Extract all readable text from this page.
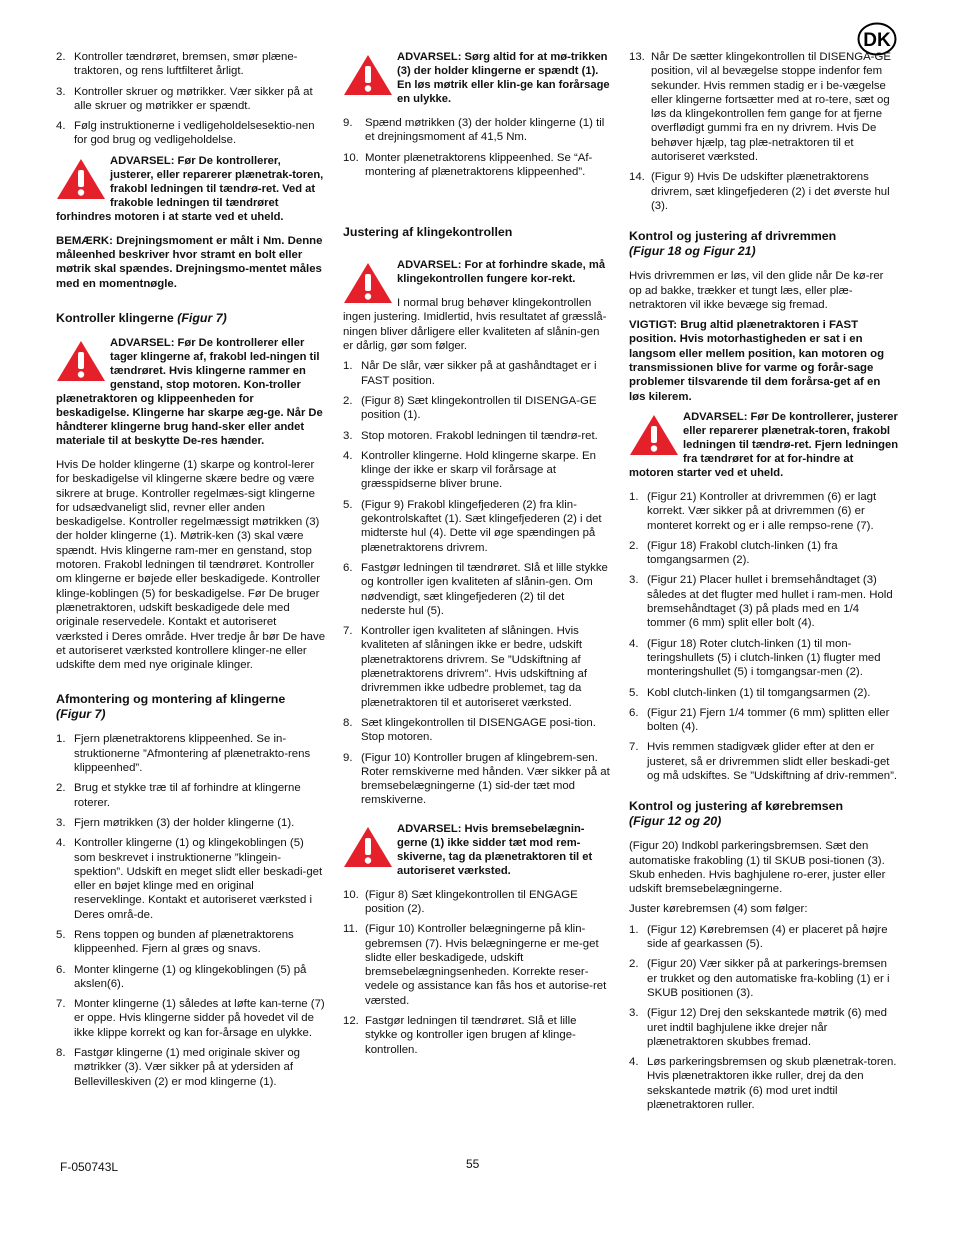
DK
2. Kontroller tændrøret, bremsen, smør plæne-traktoren, og rens luftfilteret årligt.
3. Kontroller skruer og møtrikker. Vær sikker på at alle skruer og møtrikker er spændt.
4. Følg instruktionerne i vedligeholdelsesektio-nen for god brug og vedligeholdelse.
ADVARSEL: Før De kontrollerer, justerer, eller reparerer plænetrak-toren, frakobl ledningen til tændrø-ret. Ved at frakoble ledningen til tændrøret forhindres motoren i at starte ved et uheld.

BEMÆRK: Drejningsmoment er målt i Nm. Denne måleenhed beskriver hvor stramt en bolt eller møtrik skal spændes. Drejningsmo-mentet måles med en momentnøgle.

Kontroller klingerne (Figur 7)
ADVARSEL: Før De kontrollerer eller tager klingerne af, frakobl led-ningen til tændrøret. Hvis klingerne rammer en genstand, stop motoren. Kon-troller plænetraktoren og klippeenheden for beskadigelse. Klingerne har skarpe æg-ge. Når De håndterer klingerne brug hand-sker eller andet materiale til at beskytte De-res hænder.

Hvis De holder klingerne (1) skarpe og kontrol-lerer for beskadigelse vil klingerne skære bedre og være sikrere at bruge. Kontroller regelmæs-sigt klingerne for udsædvaneligt slid, revner eller anden beskadigelse. Kontroller regelmæssigt møtrikken (3) der holder klingerne (1). Møtrik-ken (3) skal være spændt. Hvis klingerne ram-mer en genstand, stop motoren. Frakobl ledningen til tændrøret. Kontroller om klingerne er bøjede eller beskadigede. Kontroller klinge-koblingen (5) for beskadigelse. Før De bruger plænetraktoren, udskift beskadigede dele med originale reservedele. Kontakt et autoriseret værksted i Deres område. Hver tredje år bør De have et autoriseret værksted kontrollere klinger-ne eller udskifte dem med nye originale klinger.

Afmontering og montering af klingerne
(Figur 7)
1. Fjern plænetraktorens klippeenhed. Se in-struktionerne ”Afmontering af plænetrakto-rens klippeenhed”.
2. Brug et stykke træ til af forhindre at klingerne roterer.
3. Fjern møtrikken (3) der holder klingerne (1).
4. Kontroller klingerne (1) og klingekoblingen (5) som beskrevet i instruktionerne ”klingein-spektion”. Udskift en meget slidt eller beskadi-get eller en bøjet klinge med en original reserveklinge. Kontakt et autoriseret værksted i Deres områ-de.
5. Rens toppen og bunden af plænetraktorens klippeenhed. Fjern al græs og snavs.
6. Monter klingerne (1) og klingekoblingen (5) på akslen(6).
7. Monter klingerne (1) således at løfte kan-terne (7) er oppe. Hvis klingerne sidder på hovedet vil de ikke klippe korrekt og kan for-årsage en ulykke.
8. Fastgør klingerne (1) med originale skiver og møtrikker (3). Vær sikker på at ydersiden af Bellevilleskiven (2) er mod klingerne (1).
ADVARSEL: Sørg altid for at mø-trikken (3) der holder klingerne er spændt (1). En løs møtrik eller klin-ge kan forårsage en ulykke.
9. Spænd møtrikken (3) der holder klingerne (1) til et drejningsmoment af 41,5 Nm.
10. Monter plænetraktorens klippeenhed. Se “Af-montering af plænetraktorens klippeenhed”.
Justering af klingekontrollen
ADVARSEL: For at forhindre skade, må klingekontrollen fungere kor-rekt.

I normal brug behøver klingekontrollen ingen justering. Imidlertid, hvis resultatet af græsslå-ningen bliver dårligere eller kvaliteten af slånin-gen er dårlig, gør som følger.

1. Når De slår, vær sikker på at gashåndtaget er i FAST position.
2. (Figur 8) Sæt klingekontrollen til DISENGA-GE position (1).
3. Stop motoren. Frakobl ledningen til tændrø-ret.
4. Kontroller klingerne. Hold klingerne skarpe. En klinge der ikke er skarp vil forårsage at græsspidserne bliver brune.
5. (Figur 9) Frakobl klingefjederen (2) fra klin-gekontrolskaftet (1). Sæt klingefjederen (2) i det midterste hul (4). Dette vil øge spændingen på plænetraktorens drivrem.
6. Fastgør ledningen til tændrøret. Slå et lille stykke og kontroller igen kvaliteten af slånin-gen. Om nødvendigt, sæt klingefjederen (2) til det nederste hul (5).
7. Kontroller igen kvaliteten af slåningen. Hvis kvaliteten af slåningen ikke er bedre, udskift plænetraktorens drivrem. Se ”Udskiftning af plænetraktorens drivrem”. Hvis udskiftning af drivremmen ikke udbedre problemet, tag da plænetraktoren til et autoriseret værksted.
8. Sæt klingekontrollen til DISENGAGE posi-tion. Stop motoren.
9. (Figur 10) Kontroller brugen af klingebrem-sen. Roter remskiverne med hånden. Vær sikker på at bremsebelægningerne (1) sid-der tæt mod remskiverne.
ADVARSEL: Hvis bremsebelægnin-gerne (1) ikke sidder tæt mod rem-skiverne, tag da plænetraktoren til et autoriseret værksted.
10. (Figur 8) Sæt klingekontrollen til ENGAGE position (2).
11. (Figur 10) Kontroller belægningerne på klin-gebremsen (7). Hvis belægningerne er me-get slidte eller beskadigede, udskift bremsebelægningsenheden. Korrekte reser-vedele og assistance kan fås hos et autorise-ret værsted.
12. Fastgør ledningen til tændrøret. Slå et lille stykke og kontroller igen brugen af klinge-kontrollen.
13. Når De sætter klingekontrollen til DISENGA-GE position, vil al bevægelse stoppe indenfor fem sekunder. Hvis remmen stadig er i be-vægelse eller klingerne fortsætter med at ro-tere, sæt og løs da klingekontrollen fem gange for at fjerne overflødigt gummi fra en ny drivrem. Hvis De behøver hjælp, tag plæ-netraktoren til et autoriseret værksted.
14. (Figur 9) Hvis De udskifter plænetraktorens drivrem, sæt klingefjederen (2) i det øverste hul (3).
Kontrol og justering af drivremmen
(Figur 18 og Figur 21)

Hvis drivremmen er løs, vil den glide når De kø-rer op ad bakke, trækker et tungt læs, eller plæ-netraktoren vil ikke bevæge sig fremad.

VIGTIGT: Brug altid plænetraktoren i FAST position. Hvis motorhastigheden er sat i en langsom eller mellem position, kan motoren og transmissionen blive for varme og forår-sage problemer tilsvarende til dem forårsa-get af en løs kilerem.

ADVARSEL: Før De kontrollerer, justerer eller reparerer plænetrak-toren, frakobl ledningen til tændrø-ret. Fjern ledningen fra tændrøret for at for-hindre at motoren starter ved et uheld.
1. (Figur 21) Kontroller at drivremmen (6) er lagt korrekt. Vær sikker på at drivremmen (6) er monteret korrekt og er i alle rempso-rene (7).
2. (Figur 18) Frakobl clutch-linken (1) fra tomgangsarmen (2).
3. (Figur 21) Placer hullet i bremsehåndtaget (3) således at det flugter med hullet i ram-men. Hold bremsehåndtaget (3) på plads med en 1/4 tommer (6 mm) split eller bolt (4).
4. (Figur 18) Roter clutch-linken (1) til mon-teringshullets (5) i clutch-linken (1) flugter med monteringshullet (5) i tomgangsar-men (2).
5. Kobl clutch-linken (1) til tomgangsarmen (2).
6. (Figur 21) Fjern 1/4 tommer (6 mm) splitten eller bolten (4).
7. Hvis remmen stadigvæk glider efter at den er justeret, så er drivremmen slidt eller beskadi-get og må udskiftes. Se ”Udskiftning af driv-remmen”.
Kontrol og justering af kørebremsen
(Figur 12 og 20)

(Figur 20) Indkobl parkeringsbremsen. Sæt den automatiske frakobling (1) til SKUB posi-tionen (3). Skub enheden. Hvis baghjulene ro-erer, juster eller udskift bremsebelægningerne.

Juster kørebremsen (4) som følger:

1. (Figur 12) Kørebremsen (4) er placeret på højre side af gearkassen (5).
2. (Figur 20) Vær sikker på at parkerings-bremsen er trukket og den automatiske fra-kobling (1) er i SKUB positionen (3).
3. (Figur 12) Drej den sekskantede møtrik (6) med uret indtil baghjulene ikke drejer når plænetraktoren skubbes fremad.
4. Løs parkeringsbremsen og skub plænetrak-toren. Hvis plænetraktoren ikke ruller, drej da den sekskantede møtrik (6) mod uret indtil plænetraktoren ruller.
F-050743L	55
